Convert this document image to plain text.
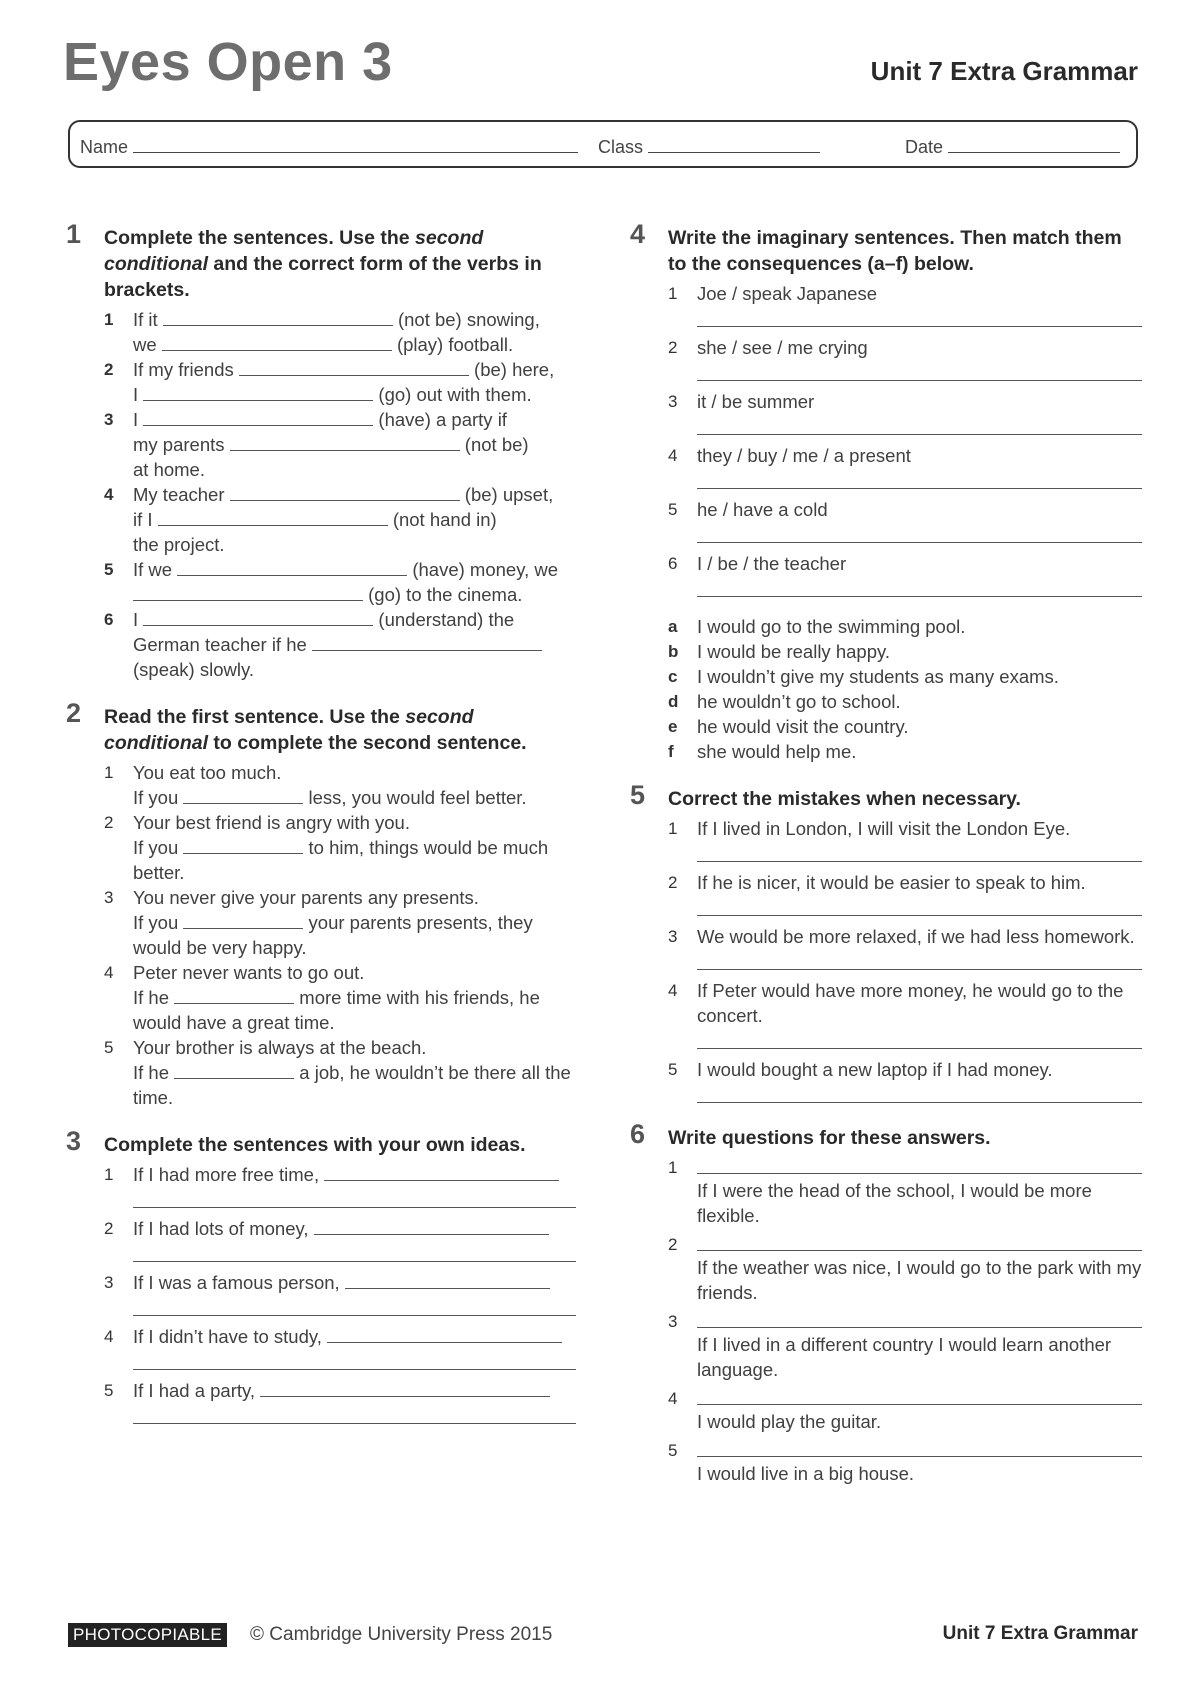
Eyes Open 3	Unit 7 Extra Grammar
Name	Class	Date
1 Complete the sentences. Use the second conditional and the correct form of the verbs in brackets.
1 If it	(not be) snowing,
we	(play) football.
2 If my friends	(be) here,
I	(go) out with them.
3 I	(have) a party if
my parents	(not be)
at home.
4 My teacher	(be) upset,
if I	(not hand in)
the project.
5 If we	(have) money, we
(go) to the cinema.
6 I	(understand) the
German teacher if he
(speak) slowly.
2 Read the first sentence. Use the second conditional to complete the second sentence.
1 You eat too much.
If you	less, you would feel better.
2 Your best friend is angry with you.
If you	to him, things would be much better.
3 You never give your parents any presents.
If you	your parents presents, they would be very happy.
4 Peter never wants to go out.
If he	more time with his friends, he would have a great time.
5 Your brother is always at the beach.
If he	a job, he wouldn’t be there all the time.
3 Complete the sentences with your own ideas.
1 If I had more free time,
2 If I had lots of money,
3 If I was a famous person,
4 If I didn’t have to study,
5 If I had a party,
4 Write the imaginary sentences. Then match them to the consequences (a–f) below.
1 Joe / speak Japanese
2 she / see / me crying
3 it / be summer
4 they / buy / me / a present
5 he / have a cold
6 I / be / the teacher
a I would go to the swimming pool.
b I would be really happy.
c I wouldn’t give my students as many exams.
d he wouldn’t go to school.
e he would visit the country.
f she would help me.
5 Correct the mistakes when necessary.
1 If I lived in London, I will visit the London Eye.
2 If he is nicer, it would be easier to speak to him.
3 We would be more relaxed, if we had less homework.
4 If Peter would have more money, he would go to the concert.
5 I would bought a new laptop if I had money.
6 Write questions for these answers.
1
If I were the head of the school, I would be more flexible.
2
If the weather was nice, I would go to the park with my friends.
3
If I lived in a different country I would learn another language.
4
I would play the guitar.
5
I would live in a big house.
PHOTOCOPIABLE © Cambridge University Press 2015	Unit 7 Extra Grammar
